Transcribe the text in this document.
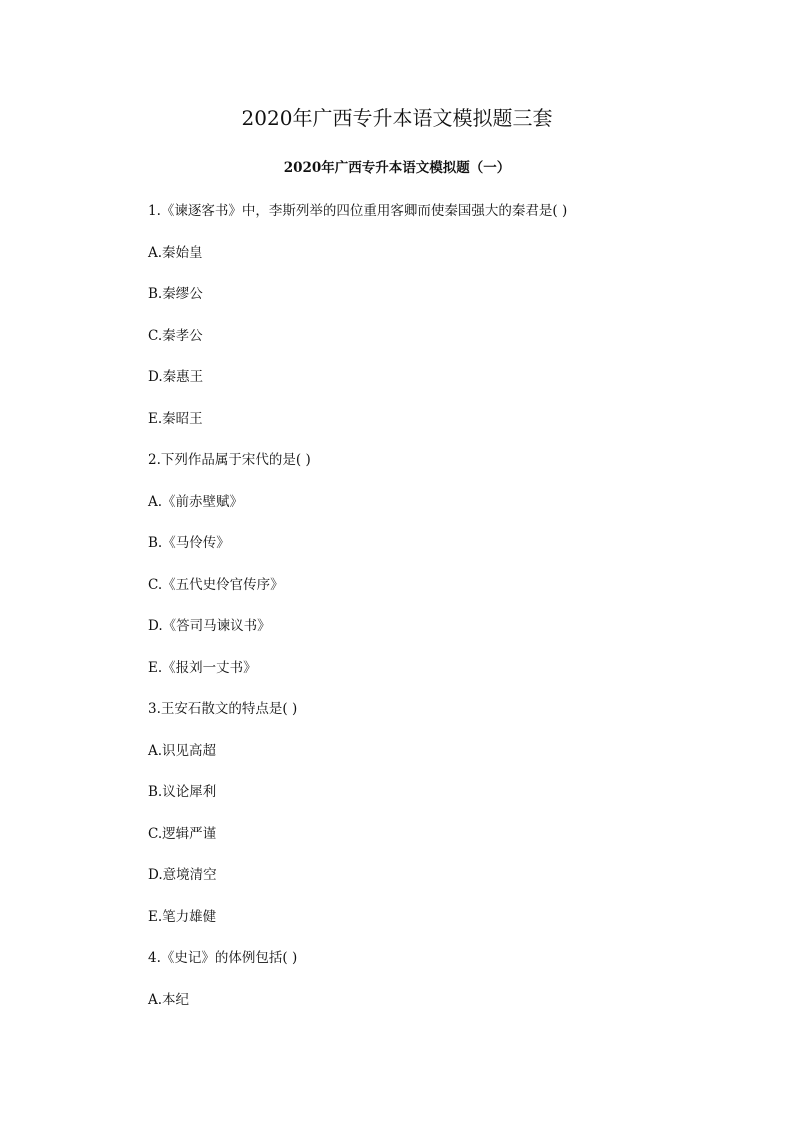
2020年广西专升本语文模拟题三套
2020年广西专升本语文模拟题（一）
1.《谏逐客书》中，李斯列举的四位重用客卿而使秦国强大的秦君是( )
A.秦始皇
B.秦缪公
C.秦孝公
D.秦惠王
E.秦昭王
2.下列作品属于宋代的是( )
A.《前赤壁赋》
B.《马伶传》
C.《五代史伶官传序》
D.《答司马谏议书》
E.《报刘一丈书》
3.王安石散文的特点是( )
A.识见高超
B.议论犀利
C.逻辑严谨
D.意境清空
E.笔力雄健
4.《史记》的体例包括( )
A.本纪
